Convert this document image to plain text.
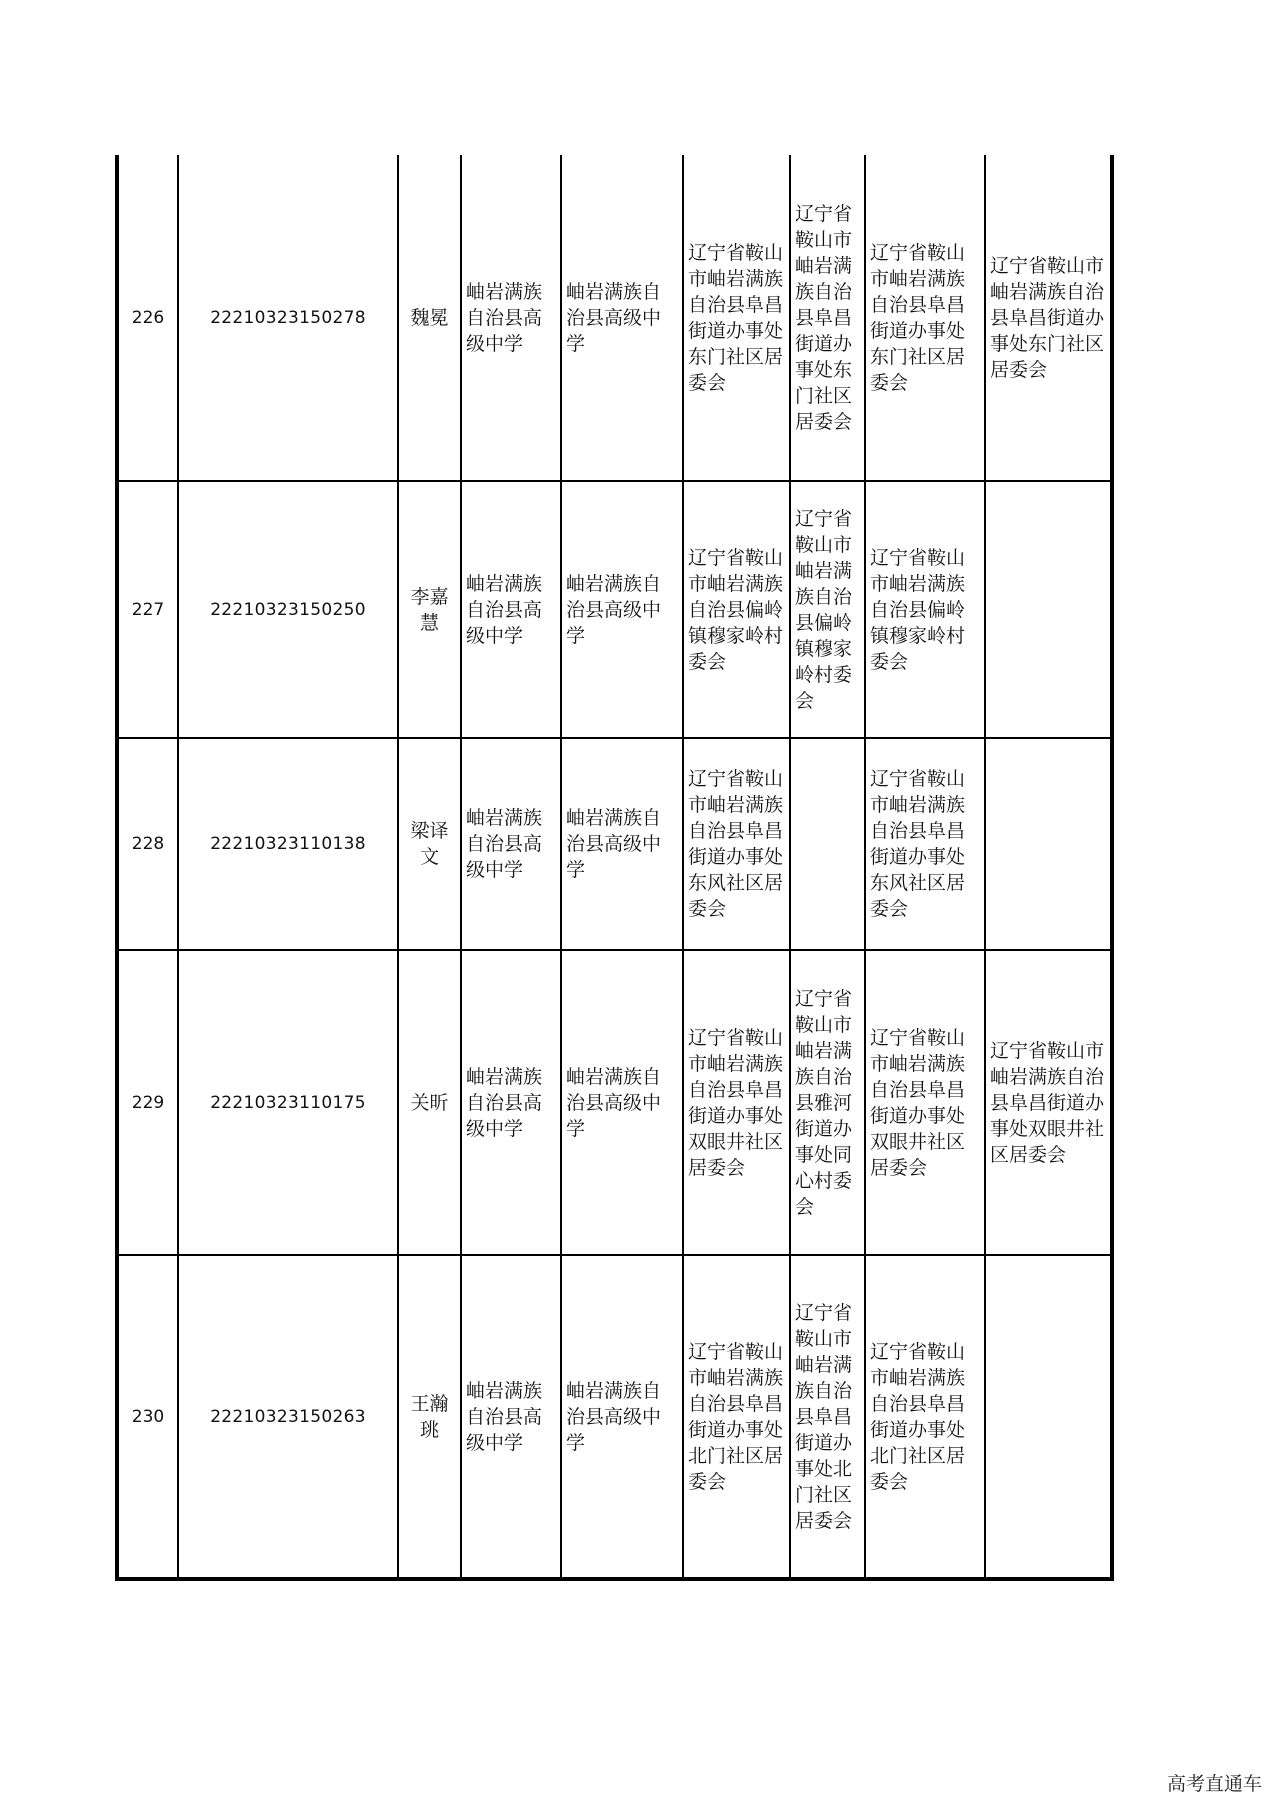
226	22210323150278	魏冕	岫岩满族自治县高级中学	岫岩满族自治县高级中学	辽宁省鞍山市岫岩满族自治县阜昌街道办事处东门社区居委会	辽宁省鞍山市岫岩满族自治县阜昌街道办事处东门社区居委会	辽宁省鞍山市岫岩满族自治县阜昌街道办事处东门社区居委会	辽宁省鞍山市岫岩满族自治县阜昌街道办事处东门社区居委会
227	22210323150250	李嘉慧	岫岩满族自治县高级中学	岫岩满族自治县高级中学	辽宁省鞍山市岫岩满族自治县偏岭镇穆家岭村委会	辽宁省鞍山市岫岩满族自治县偏岭镇穆家岭村委会	辽宁省鞍山市岫岩满族自治县偏岭镇穆家岭村委会	
228	22210323110138	梁译文	岫岩满族自治县高级中学	岫岩满族自治县高级中学	辽宁省鞍山市岫岩满族自治县阜昌街道办事处东风社区居委会		辽宁省鞍山市岫岩满族自治县阜昌街道办事处东风社区居委会	
229	22210323110175	关昕	岫岩满族自治县高级中学	岫岩满族自治县高级中学	辽宁省鞍山市岫岩满族自治县阜昌街道办事处双眼井社区居委会	辽宁省鞍山市岫岩满族自治县雅河街道办事处同心村委会	辽宁省鞍山市岫岩满族自治县阜昌街道办事处双眼井社区居委会	辽宁省鞍山市岫岩满族自治县阜昌街道办事处双眼井社区居委会
230	22210323150263	王瀚珧	岫岩满族自治县高级中学	岫岩满族自治县高级中学	辽宁省鞍山市岫岩满族自治县阜昌街道办事处北门社区居委会	辽宁省鞍山市岫岩满族自治县阜昌街道办事处北门社区居委会	辽宁省鞍山市岫岩满族自治县阜昌街道办事处北门社区居委会	
高考直通车
